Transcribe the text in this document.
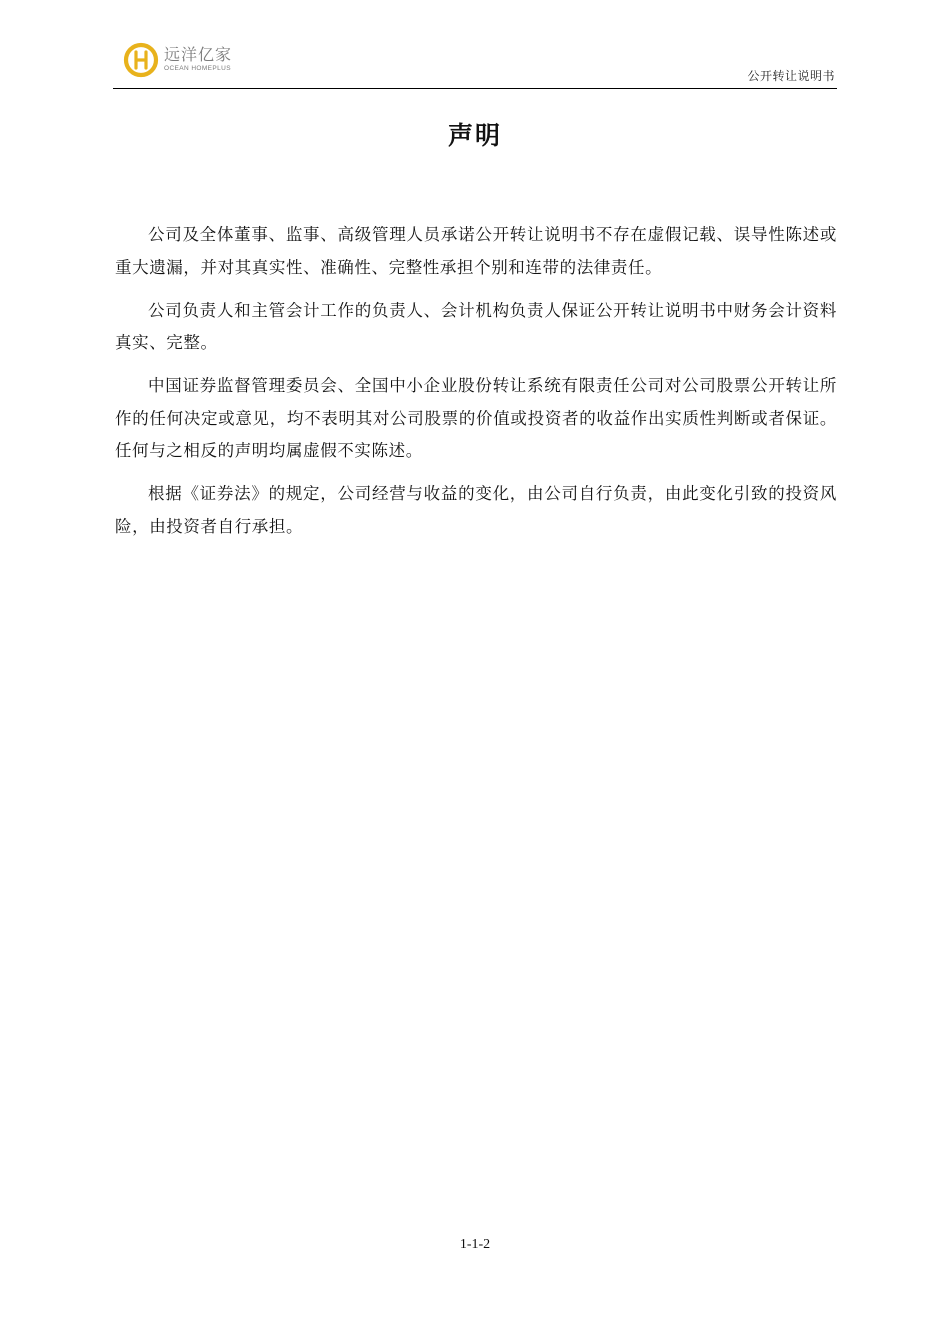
远洋亿家
OCEAN HOMEPLUS
公开转让说明书
声明

公司及全体董事、监事、高级管理人员承诺公开转让说明书不存在虚假记载、误导性陈述或重大遗漏，并对其真实性、准确性、完整性承担个别和连带的法律责任。

公司负责人和主管会计工作的负责人、会计机构负责人保证公开转让说明书中财务会计资料真实、完整。

中国证券监督管理委员会、全国中小企业股份转让系统有限责任公司对公司股票公开转让所作的任何决定或意见，均不表明其对公司股票的价值或投资者的收益作出实质性判断或者保证。任何与之相反的声明均属虚假不实陈述。

根据《证券法》的规定，公司经营与收益的变化，由公司自行负责，由此变化引致的投资风险，由投资者自行承担。

1-1-2
